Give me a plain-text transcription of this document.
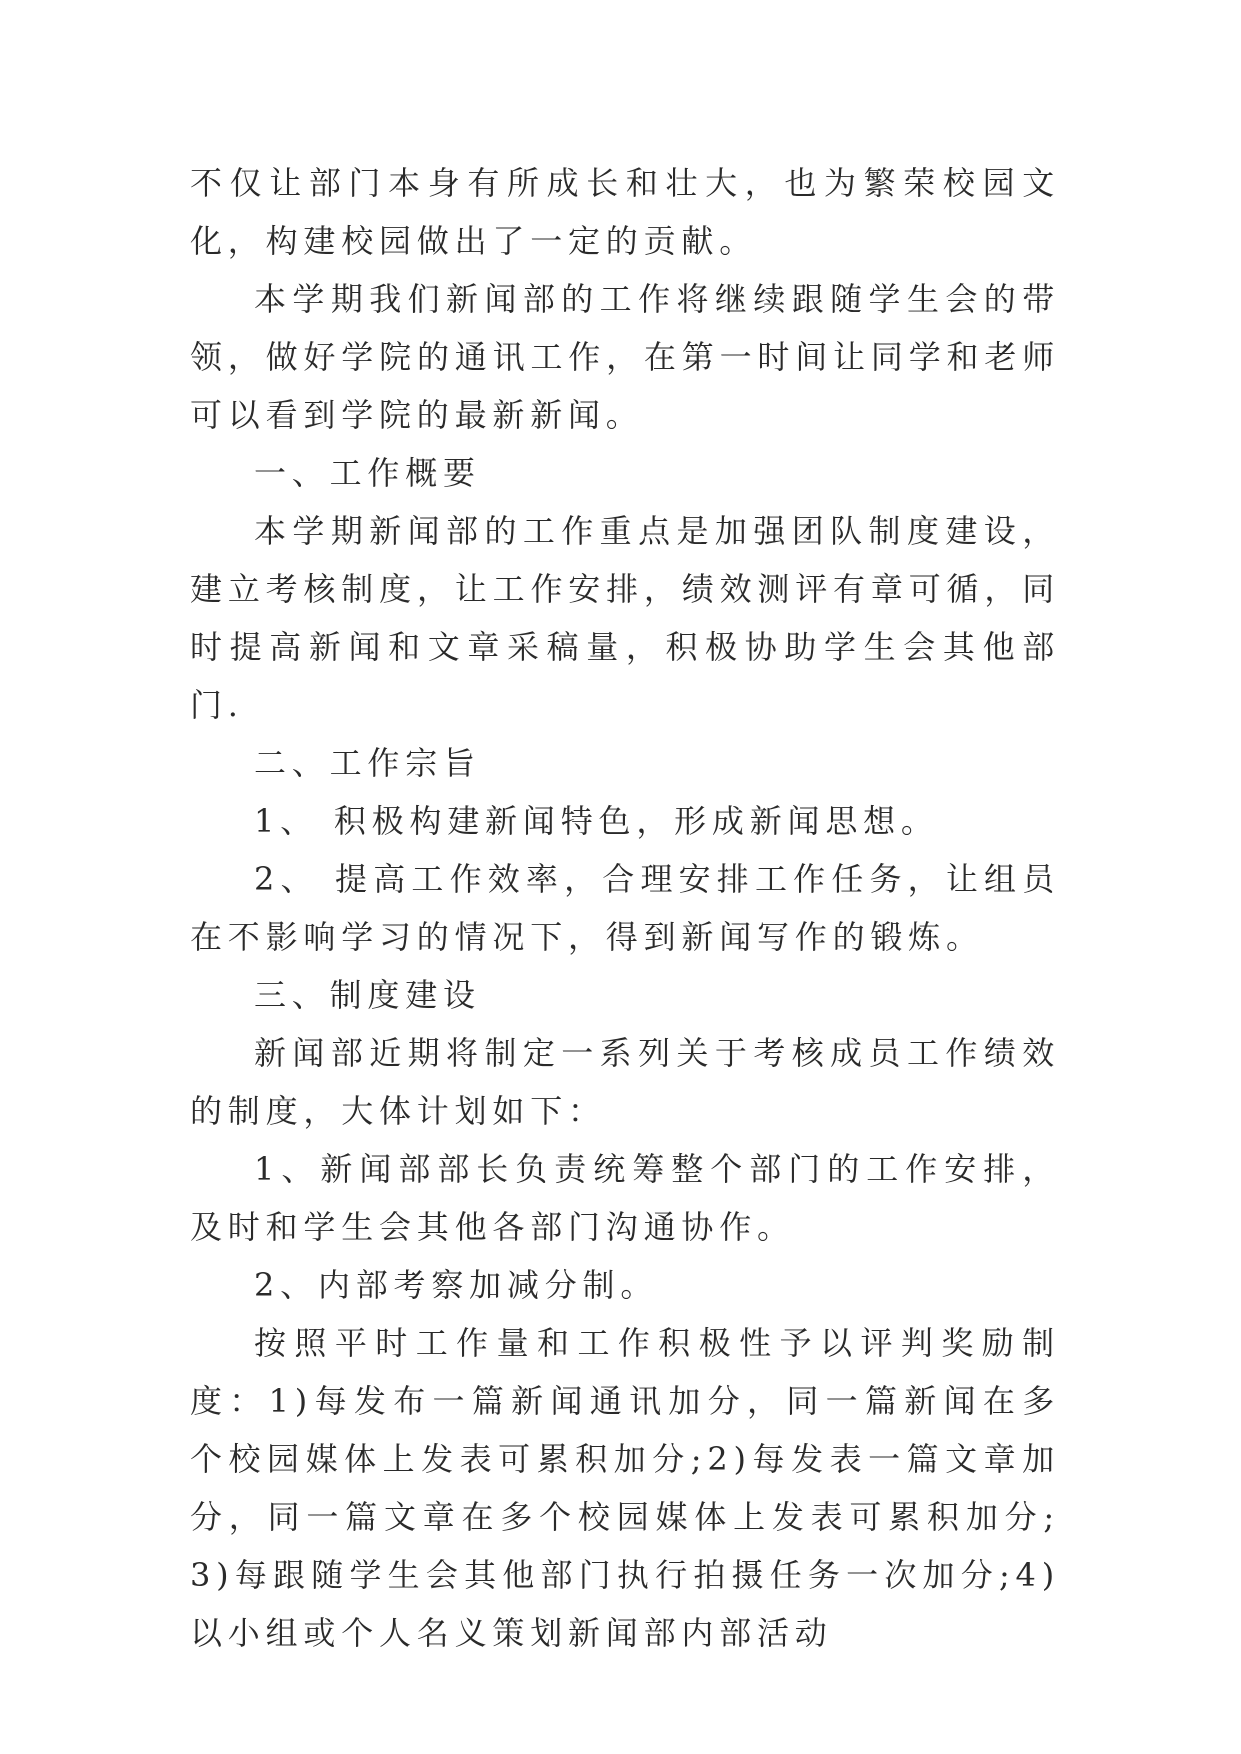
不仅让部门本身有所成长和壮大，也为繁荣校园文化，构建校园做出了一定的贡献。

本学期我们新闻部的工作将继续跟随学生会的带领，做好学院的通讯工作，在第一时间让同学和老师可以看到学院的最新新闻。

一、工作概要

本学期新闻部的工作重点是加强团队制度建设，建立考核制度，让工作安排，绩效测评有章可循，同时提高新闻和文章采稿量，积极协助学生会其他部门.

二、工作宗旨

1、 积极构建新闻特色，形成新闻思想。

2、 提高工作效率，合理安排工作任务，让组员在不影响学习的情况下，得到新闻写作的锻炼。

三、制度建设

新闻部近期将制定一系列关于考核成员工作绩效的制度，大体计划如下：

1、新闻部部长负责统筹整个部门的工作安排，及时和学生会其他各部门沟通协作。

2、内部考察加减分制。

按照平时工作量和工作积极性予以评判奖励制度：1)每发布一篇新闻通讯加分，同一篇新闻在多个校园媒体上发表可累积加分;2)每发表一篇文章加分，同一篇文章在多个校园媒体上发表可累积加分;3)每跟随学生会其他部门执行拍摄任务一次加分;4)以小组或个人名义策划新闻部内部活动
